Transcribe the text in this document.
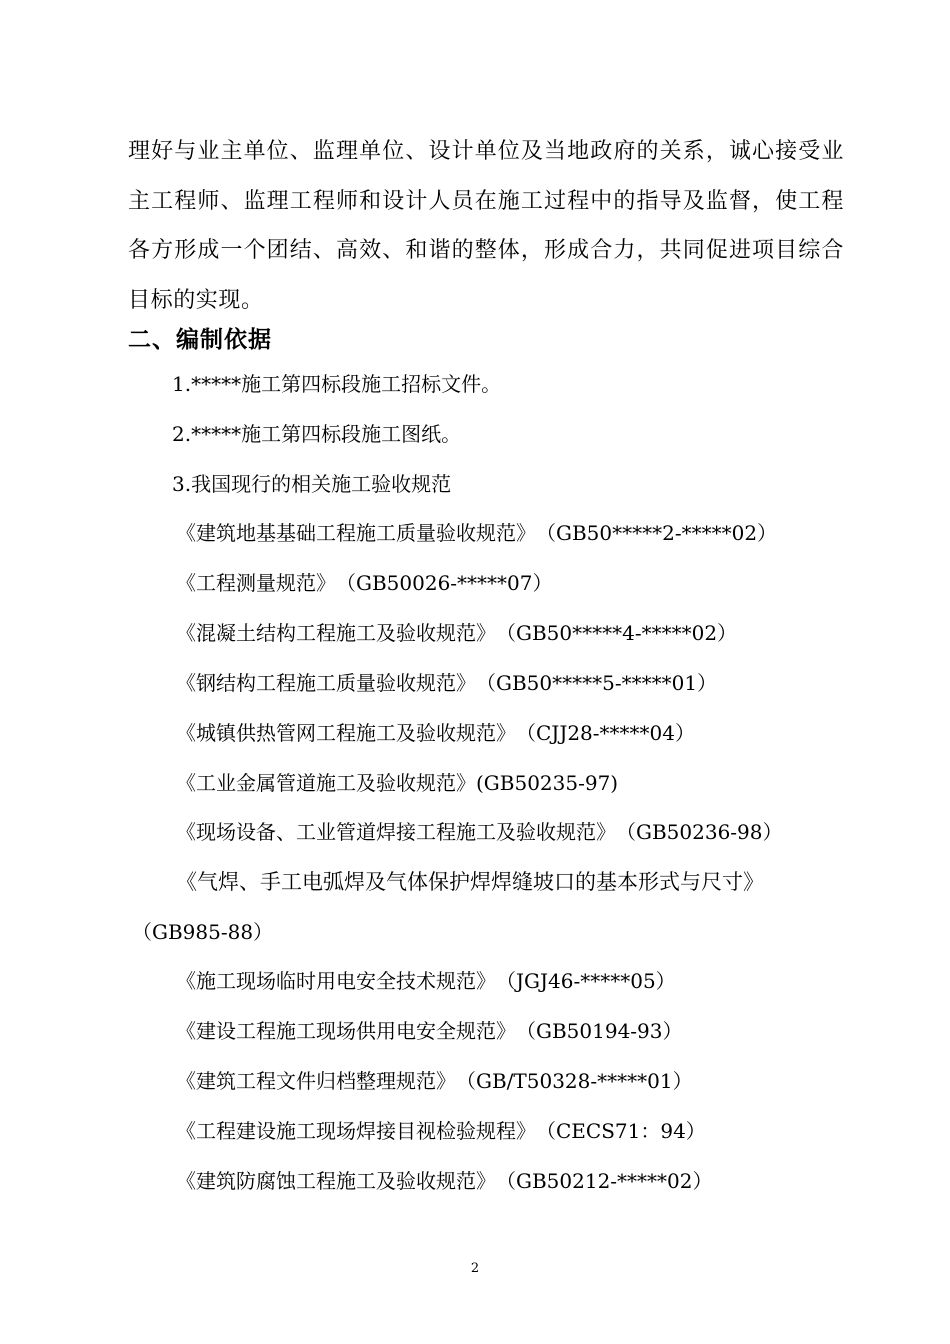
理好与业主单位、监理单位、设计单位及当地政府的关系，诚心接受业主工程师、监理工程师和设计人员在施工过程中的指导及监督，使工程各方形成一个团结、高效、和谐的整体，形成合力，共同促进项目综合目标的实现。

二、编制依据

1.*****施工第四标段施工招标文件。

2.*****施工第四标段施工图纸。

3.我国现行的相关施工验收规范

《建筑地基基础工程施工质量验收规范》 （GB50*****2-*****02）

《工程测量规范》 （GB50026-*****07）

《混凝土结构工程施工及验收规范》 （GB50*****4-*****02）

《钢结构工程施工质量验收规范》 （GB50*****5-*****01）

《城镇供热管网工程施工及验收规范》 （CJJ28-*****04）

《工业金属管道施工及验收规范》(GB50235-97)

《现场设备、工业管道焊接工程施工及验收规范》 （GB50236-98）

《气焊、手工电弧焊及气体保护焊焊缝坡口的基本形式与尺寸》

（GB985-88）

《施工现场临时用电安全技术规范》 （JGJ46-*****05）

《建设工程施工现场供用电安全规范》 （GB50194-93）

《建筑工程文件归档整理规范》 （GB/T50328-*****01）

《工程建设施工现场焊接目视检验规程》 （CECS71：94）

《建筑防腐蚀工程施工及验收规范》 （GB50212-*****02）

2
